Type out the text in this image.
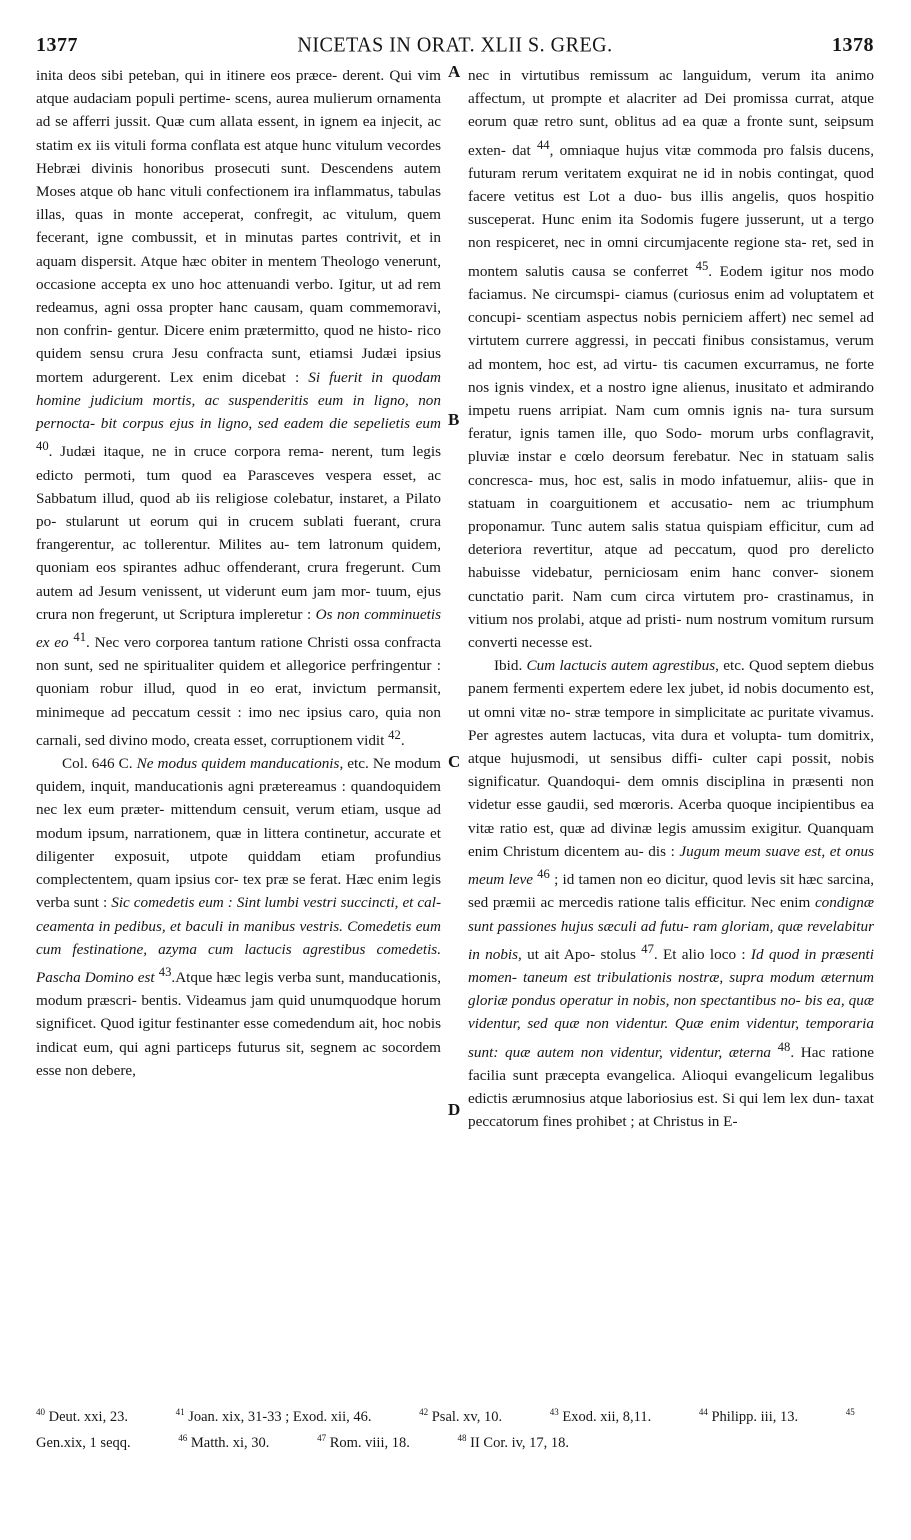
1377	NICETAS IN ORAT. XLII S. GREG.	1378
A
B
C
D

inita deos sibi peteban, qui in itinere eos præce- derent. Qui vim atque audaciam populi pertime- scens, aurea mulierum ornamenta ad se afferri jussit. Quæ cum allata essent, in ignem ea injecit, ac statim ex iis vituli forma conflata est atque hunc vitulum vecordes Hebræi divinis honoribus prosecuti sunt. Descendens autem Moses atque ob hanc vituli confectionem ira inflammatus, tabulas illas, quas in monte acceperat, confregit, ac vitulum, quem fecerant, igne combussit, et in minutas partes contrivit, et in aquam dispersit. Atque hæc obiter in mentem Theologo venerunt, occasione accepta ex uno hoc attenuandi verbo. Igitur, ut ad rem redeamus, agni ossa propter hanc causam, quam commemoravi, non confrin- gentur. Dicere enim prætermitto, quod ne histo- rico quidem sensu crura Jesu confracta sunt, etiamsi Judæi ipsius mortem adurgerent. Lex enim dicebat : Si fuerit in quodam homine judicium mortis, ac suspenderitis eum in ligno, non pernocta- bit corpus ejus in ligno, sed eadem die sepelietis eum $^{40}$. Judæi itaque, ne in cruce corpora rema- nerent, tum legis edicto permoti, tum quod ea Parasceves vespera esset, ac Sabbatum illud, quod ab iis religiose colebatur, instaret, a Pilato po- stularunt ut eorum qui in crucem sublati fuerant, crura frangerentur, ac tollerentur. Milites au- tem latronum quidem, quoniam eos spirantes adhuc offenderant, crura fregerunt. Cum autem ad Jesum venissent, ut viderunt eum jam mor- tuum, ejus crura non fregerunt, ut Scriptura impleretur : Os non comminuetis ex eo $^{41}$. Nec vero corporea tantum ratione Christi ossa confracta non sunt, sed ne spiritualiter quidem et allegorice perfringentur : quoniam robur illud, quod in eo erat, invictum permansit, minimeque ad peccatum cessit : imo nec ipsius caro, quia non carnali, sed divino modo, creata esset, corruptionem vidit $^{42}$.

Col. 646 C. Ne modus quidem manducationis, etc. Ne modum quidem, inquit, manducationis agni prætereamus : quandoquidem nec lex eum præter- mittendum censuit, verum etiam, usque ad modum ipsum, narrationem, quæ in littera continetur, accurate et diligenter exposuit, utpote quiddam etiam profundius complectentem, quam ipsius cor- tex præ se ferat. Hæc enim legis verba sunt : Sic comedetis eum : Sint lumbi vestri succincti, et cal- ceamenta in pedibus, et baculi in manibus vestris. Comedetis eum cum festinatione, azyma cum lactucis agrestibus comedetis. Pascha Domino est $^{43}$.Atque hæc legis verba sunt, manducationis, modum præscri- bentis. Videamus jam quid unumquodque horum significet. Quod igitur festinanter esse comedendum ait, hoc nobis indicat eum, qui agni particeps futurus sit, segnem ac socordem esse non debere,

nec in virtutibus remissum ac languidum, verum ita animo affectum, ut prompte et alacriter ad Dei promissa currat, atque eorum quæ retro sunt, oblitus ad ea quæ a fronte sunt, seipsum exten- dat $^{44}$, omniaque hujus vitæ commoda pro falsis ducens, futuram rerum veritatem exquirat ne id in nobis contingat, quod facere vetitus est Lot a duo- bus illis angelis, quos hospitio susceperat. Hunc enim ita Sodomis fugere jusserunt, ut a tergo non respiceret, nec in omni circumjacente regione sta- ret, sed in montem salutis causa se conferret $^{45}$. Eodem igitur nos modo faciamus. Ne circumspi- ciamus (curiosus enim ad voluptatem et concupi- scentiam aspectus nobis perniciem affert) nec semel ad virtutem currere aggressi, in peccati finibus consistamus, verum ad montem, hoc est, ad virtu- tis cacumen excurramus, ne forte nos ignis vindex, et a nostro igne alienus, inusitato et admirando impetu ruens arripiat. Nam cum omnis ignis na- tura sursum feratur, ignis tamen ille, quo Sodo- morum urbs conflagravit, pluviæ instar e cœlo deorsum ferebatur. Nec in statuam salis concresca- mus, hoc est, salis in modo infatuemur, aliis- que in statuam in coarguitionem et accusatio- nem ac triumphum proponamur. Tunc autem salis statua quispiam efficitur, cum ad deteriora revertitur, atque ad peccatum, quod pro derelicto habuisse videbatur, perniciosam enim hanc conver- sionem cunctatio parit. Nam cum circa virtutem pro- crastinamus, in vitium nos prolabi, atque ad pristi- num nostrum vomitum rursum converti necesse est.

Ibid. Cum lactucis autem agrestibus, etc. Quod septem diebus panem fermenti expertem edere lex jubet, id nobis documento est, ut omni vitæ no- stræ tempore in simplicitate ac puritate vivamus. Per agrestes autem lactucas, vita dura et volupta- tum domitrix, atque hujusmodi, ut sensibus diffi- culter capi possit, nobis significatur. Quandoqui- dem omnis disciplina in præsenti non videtur esse gaudii, sed mœroris. Acerba quoque incipientibus ea vitæ ratio est, quæ ad divinæ legis amussim exigitur. Quanquam enim Christum dicentem au- dis : Jugum meum suave est, et onus meum leve $^{46}$ ; id tamen non eo dicitur, quod levis sit hæc sarcina, sed præmii ac mercedis ratione talis efficitur. Nec enim condignæ sunt passiones hujus sæculi ad futu- ram gloriam, quæ revelabitur in nobis, ut ait Apo- stolus $^{47}$. Et alio loco : Id quod in præsenti momen- taneum est tribulationis nostræ, supra modum æternum gloriæ pondus operatur in nobis, non spectantibus no- bis ea, quæ videntur, sed quæ non videntur. Quæ enim videntur, temporaria sunt: quæ autem non videntur, videntur, æterna $^{48}$. Hac ratione facilia sunt præcepta evangelica. Alioqui evangelicum legalibus edictis ærumnosius atque laboriosius est. Si qui lem lex dun- taxat peccatorum fines prohibet ; at Christus in E-

$^{40}$ Deut. xxi, 23.	$^{41}$ Joan. xix, 31-33 ; Exod. xii, 46.	$^{42}$ Psal. xv, 10.	$^{43}$ Exod. xii, 8,11.	$^{44}$ Philipp. iii, 13.	$^{45}$ Gen.xix, 1 seqq.	$^{46}$ Matth. xi, 30.	$^{47}$ Rom. viii, 18.	$^{48}$ II Cor. iv, 17, 18.
